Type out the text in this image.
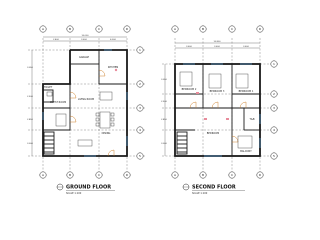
A	B	C	D
A	B	C	D
1
2
3
4
5
2.400	3.600	4.000
10.000
3.050
2.500
2.850
3.000
GARAGE
KITCHEN
GUEST ROOM
LIVING ROOM
DINING
TOILET
GROUND FLOOR
SCALE 1:100
A	B	C	D
A	B	C	D
1
2
3
4
5
3.600	3.600	3.600
10.800
3.050
2.500
2.850
3.000
BEDROOM 2
BEDROOM 3	BEDROOM 1
T&B
BEDROOM
BALCONY
SECOND FLOOR
SCALE 1:100
